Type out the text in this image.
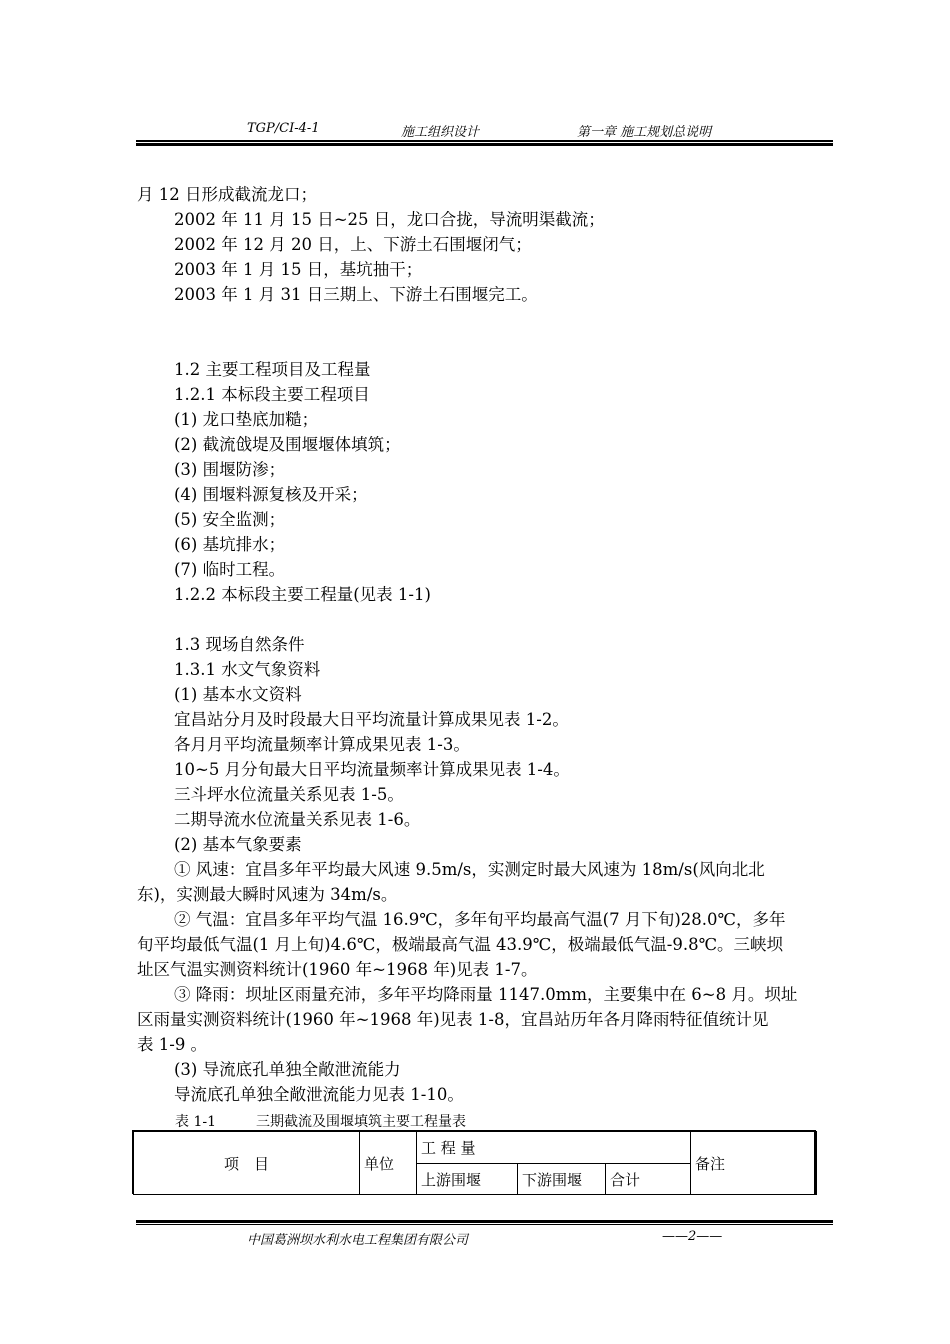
TGP/CⅠ-4-1	施工组织设计	第一章 施工规划总说明
月 12 日形成截流龙口；
2002 年 11 月 15 日~25 日，龙口合拢，导流明渠截流；
2002 年 12 月 20 日，上、下游土石围堰闭气；
2003 年 1 月 15 日，基坑抽干；
2003 年 1 月 31 日三期上、下游土石围堰完工。
1.2 主要工程项目及工程量
1.2.1 本标段主要工程项目
(1) 龙口垫底加糙；
(2) 截流戗堤及围堰堰体填筑；
(3) 围堰防渗；
(4) 围堰料源复核及开采；
(5) 安全监测；
(6) 基坑排水；
(7) 临时工程。
1.2.2 本标段主要工程量(见表 1-1)
1.3 现场自然条件
1.3.1 水文气象资料
(1) 基本水文资料
宜昌站分月及时段最大日平均流量计算成果见表 1-2。
各月月平均流量频率计算成果见表 1-3。
10~5 月分旬最大日平均流量频率计算成果见表 1-4。
三斗坪水位流量关系见表 1-5。
二期导流水位流量关系见表 1-6。
(2) 基本气象要素
① 风速：宜昌多年平均最大风速 9.5m/s，实测定时最大风速为 18m/s(风向北北
东)，实测最大瞬时风速为 34m/s。
② 气温：宜昌多年平均气温 16.9℃，多年旬平均最高气温(7 月下旬)28.0℃，多年
旬平均最低气温(1 月上旬)4.6℃，极端最高气温 43.9℃，极端最低气温-9.8℃。三峡坝
址区气温实测资料统计(1960 年~1968 年)见表 1-7。
③ 降雨：坝址区雨量充沛，多年平均降雨量 1147.0mm，主要集中在 6~8 月。坝址
区雨量实测资料统计(1960 年~1968 年)见表 1-8，宜昌站历年各月降雨特征值统计见
表 1-9 。
(3) 导流底孔单独全敞泄流能力
导流底孔单独全敞泄流能力见表 1-10。
表 1-1	三期截流及围堰填筑主要工程量表
项　目	单位	工 程 量			备注
		上游围堰	下游围堰	合计	
中国葛洲坝水利水电工程集团有限公司	——2——
